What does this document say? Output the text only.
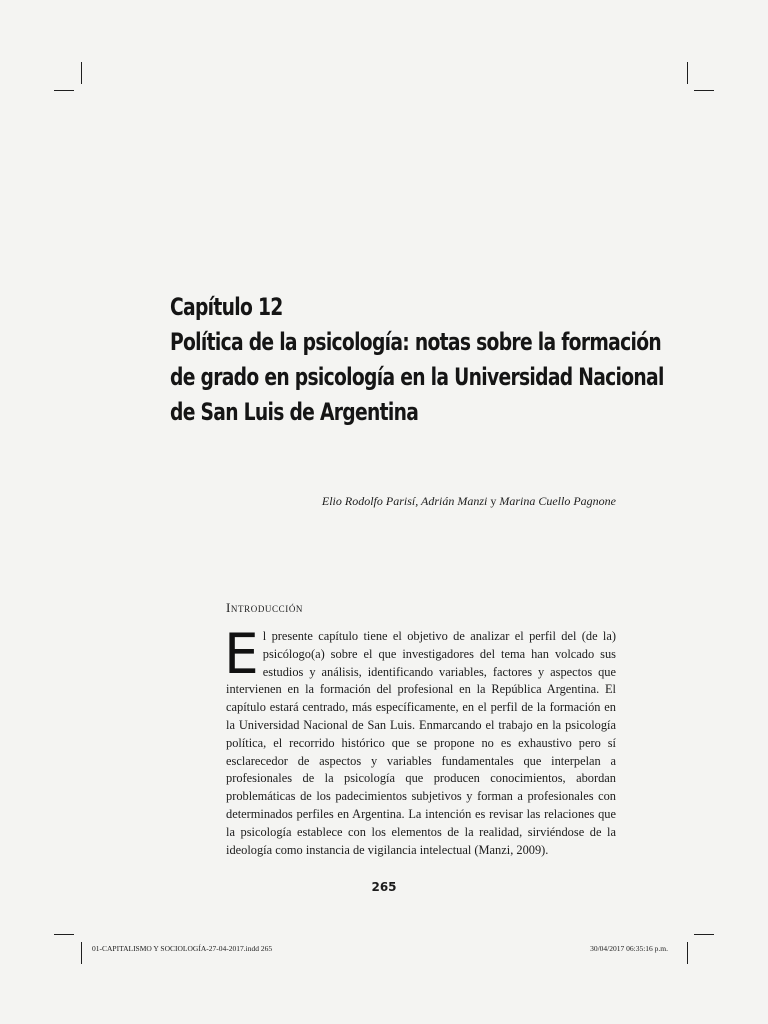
Capítulo 12
Política de la psicología: notas sobre la formación
de grado en psicología en la Universidad Nacional
de San Luis de Argentina
Elio Rodolfo Parisí, Adrián Manzi y Marina Cuello Pagnone
Introducción
El presente capítulo tiene el objetivo de analizar el perfil del (de la) psicólogo(a) sobre el que investigadores del tema han volcado sus estudios y análisis, identificando variables, factores y aspectos que intervienen en la formación del profesional en la República Argentina. El capítulo estará centrado, más específicamente, en el perfil de la formación en la Universidad Nacional de San Luis. Enmarcando el trabajo en la psicología política, el recorrido histórico que se propone no es exhaustivo pero sí esclarecedor de aspectos y variables fundamentales que interpelan a profesionales de la psicología que producen conocimientos, abordan problemáticas de los padecimientos subjetivos y forman a profesionales con determinados perfiles en Argentina. La intención es revisar las relaciones que la psicología establece con los elementos de la realidad, sirviéndose de la ideología como instancia de vigilancia intelectual (Manzi, 2009).
265
01-CAPITALISMO Y SOCIOLOGÍA-27-04-2017.indd 265	30/04/2017 06:35:16 p.m.
